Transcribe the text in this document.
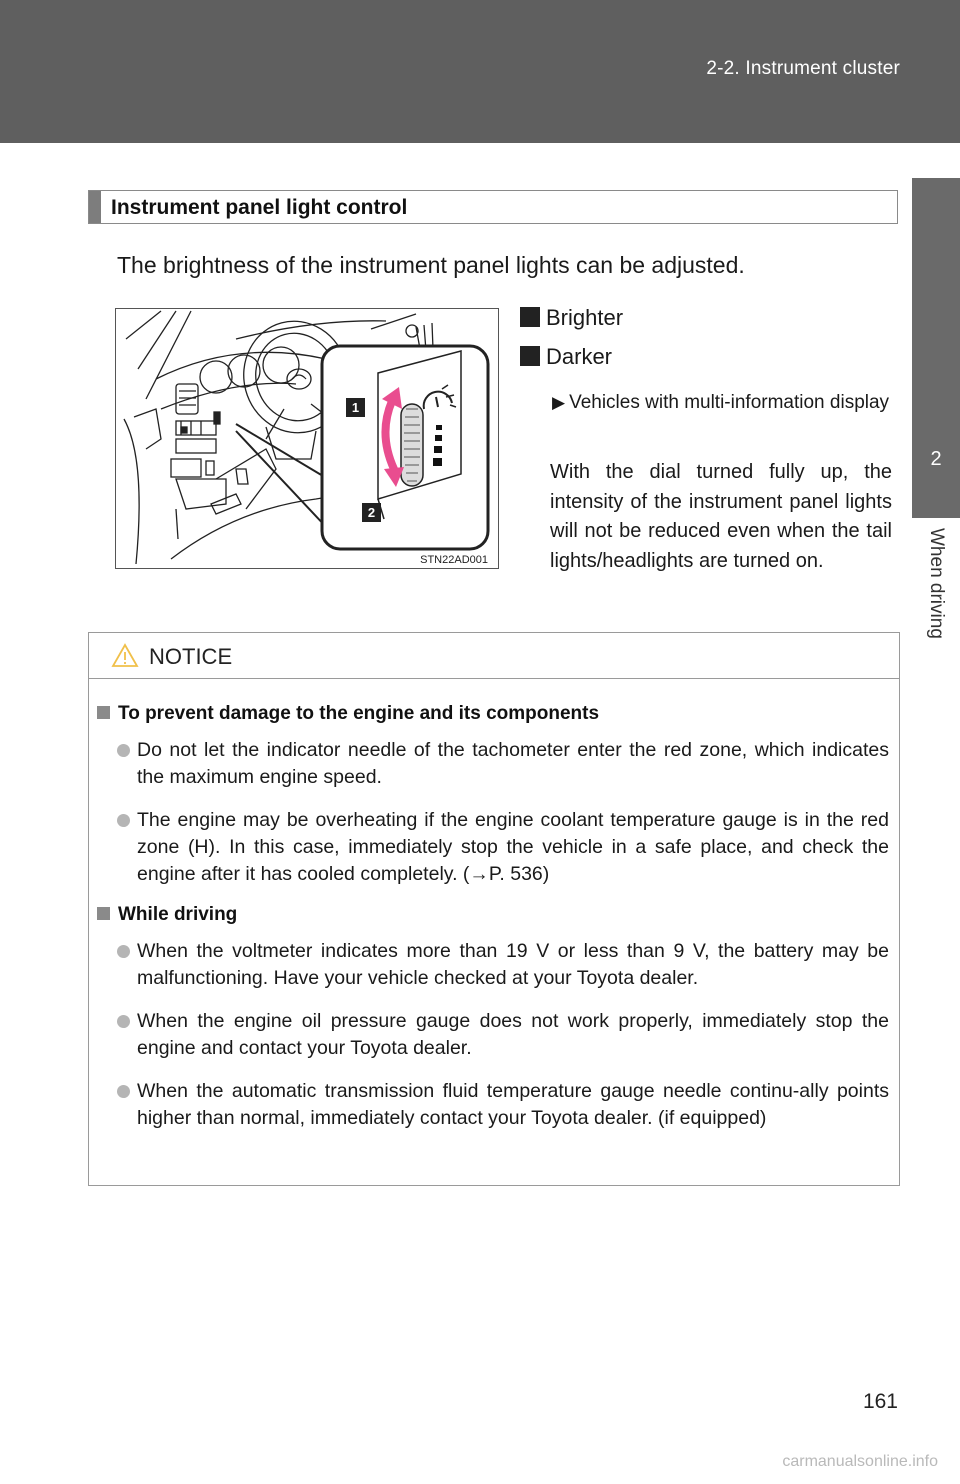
2-2. Instrument cluster
2
When driving
Instrument panel light control
The brightness of the instrument panel lights can be adjusted.
1
2
STN22AD001
Brighter
Darker
▶ Vehicles with multi-information display
With the dial turned fully up, the intensity of the instrument panel lights will not be reduced even when the tail lights/headlights are turned on.
NOTICE
To prevent damage to the engine and its components
Do not let the indicator needle of the tachometer enter the red zone, which indicates the maximum engine speed.
The engine may be overheating if the engine coolant temperature gauge is in the red zone (H). In this case, immediately stop the vehicle in a safe place, and check the engine after it has cooled completely. (→P. 536)
While driving
When the voltmeter indicates more than 19 V or less than 9 V, the battery may be malfunctioning. Have your vehicle checked at your Toyota dealer.
When the engine oil pressure gauge does not work properly, immediately stop the engine and contact your Toyota dealer.
When the automatic transmission fluid temperature gauge needle continu-ally points higher than normal, immediately contact your Toyota dealer. (if equipped)
161
carmanualsonline.info
